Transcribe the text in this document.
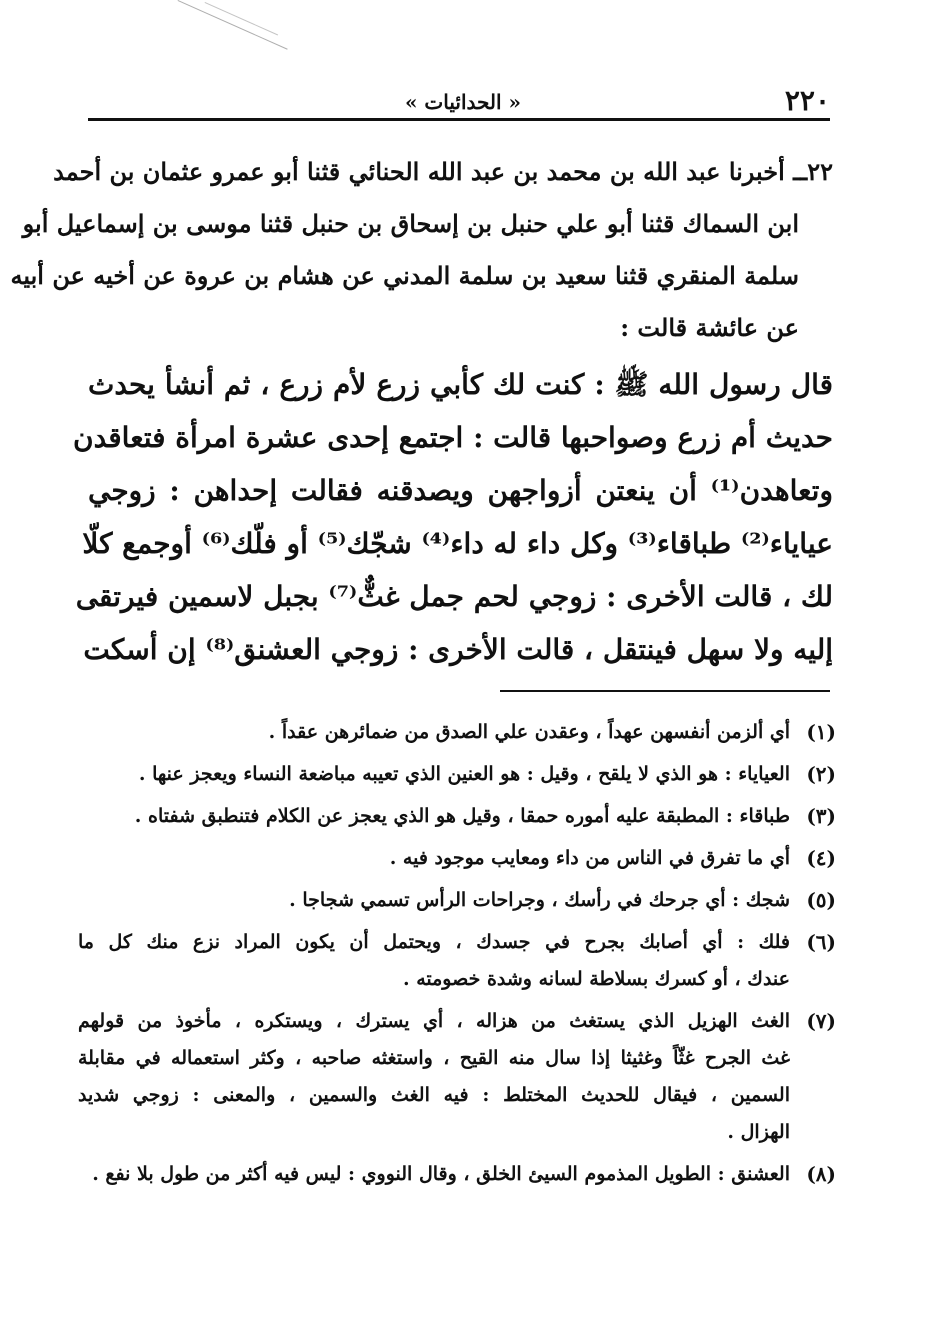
٢٢٠
« الحدائيات »
٢٢ــ أخبرنا عبد الله بن محمد بن عبد الله الحنائي قثنا أبو عمرو عثمان بن أحمد
ابن السماك قثنا أبو علي حنبل بن إسحاق بن حنبل قثنا موسى بن إسماعيل أبو
سلمة المنقري قثنا سعيد بن سلمة المدني عن هشام بن عروة عن أخيه عن أبيه
عن عائشة قالت :
قال رسول الله ﷺ : كنت لك كأبي زرع لأم زرع ، ثم أنشأ يحدث
حديث أم زرع وصواحبها قالت : اجتمع إحدى عشرة امرأة فتعاقدن
وتعاهدن⁽¹⁾ أن ينعتن أزواجهن ويصدقنه فقالت إحداهن : زوجي
عياياء⁽²⁾ طباقاء⁽³⁾ وكل داء له داء⁽⁴⁾ شجّك⁽⁵⁾ أو فلّك⁽⁶⁾ أوجمع كلّا
لك ، قالت الأخرى : زوجي لحم جمل غثٌّ⁽⁷⁾ بجبل لاسمين فيرتقى
إليه ولا سهل فينتقل ، قالت الأخرى : زوجي العشنق⁽⁸⁾ إن أسكت
(١)
أي ألزمن أنفسهن عهداً ، وعقدن علي الصدق من ضمائرهن عقداً .
(٢)
العياياء : هو الذي لا يلقح ، وقيل : هو العنين الذي تعيبه مباضعة النساء ويعجز عنها .
(٣)
طباقاء : المطبقة عليه أموره حمقا ، وقيل هو الذي يعجز عن الكلام فتنطبق شفتاه .
(٤)
أي ما تفرق في الناس من داء ومعايب موجود فيه .
(٥)
شجك : أي جرحك في رأسك ، وجراحات الرأس تسمي شجاجا .
(٦)
فلك : أي أصابك بجرح في جسدك ، ويحتمل أن يكون المراد نزع منك كل ما
عندك ، أو كسرك بسلاطة لسانه وشدة خصومته .
(٧)
الغث الهزيل الذي يستغث من هزاله ، أي يسترك ، ويستكره ، مأخوذ من قولهم
غث الجرح غثّاً وغثيثا إذا سال منه القيح ، واستغثه صاحبه ، وكثر استعماله في مقابلة
السمين ، فيقال للحديث المختلط : فيه الغث والسمين ، والمعنى : زوجي شديد
الهزال .
(٨)
العشنق : الطويل المذموم السيئ الخلق ، وقال النووي : ليس فيه أكثر من طول بلا نفع .
